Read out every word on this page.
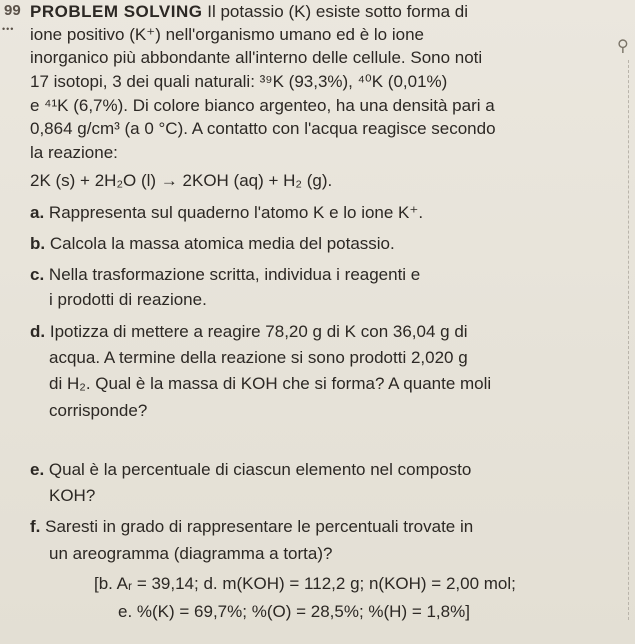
⚲
99
•••
PROBLEM SOLVING Il potassio (K) esiste sotto forma di
ione positivo (K⁺) nell'organismo umano ed è lo ione
inorganico più abbondante all'interno delle cellule. Sono noti
17 isotopi, 3 dei quali naturali: ³⁹K (93,3%), ⁴⁰K (0,01%)
e ⁴¹K (6,7%). Di colore bianco argenteo, ha una densità pari a
0,864 g/cm³ (a 0 °C). A contatto con l'acqua reagisce secondo
la reazione:
2K (s) + 2H₂O (l) → 2KOH (aq) + H₂ (g).
a. Rappresenta sul quaderno l'atomo K e lo ione K⁺.
b. Calcola la massa atomica media del potassio.
c. Nella trasformazione scritta, individua i reagenti e
i prodotti di reazione.
d. Ipotizza di mettere a reagire 78,20 g di K con 36,04 g di
acqua. A termine della reazione si sono prodotti 2,020 g
di H₂. Qual è la massa di KOH che si forma? A quante moli
corrisponde?
e. Qual è la percentuale di ciascun elemento nel composto
KOH?
f. Saresti in grado di rappresentare le percentuali trovate in
un areogramma (diagramma a torta)?
[b. Aᵣ = 39,14; d. m(KOH) = 112,2 g; n(KOH) = 2,00 mol;
e. %(K) = 69,7%; %(O) = 28,5%; %(H) = 1,8%]
